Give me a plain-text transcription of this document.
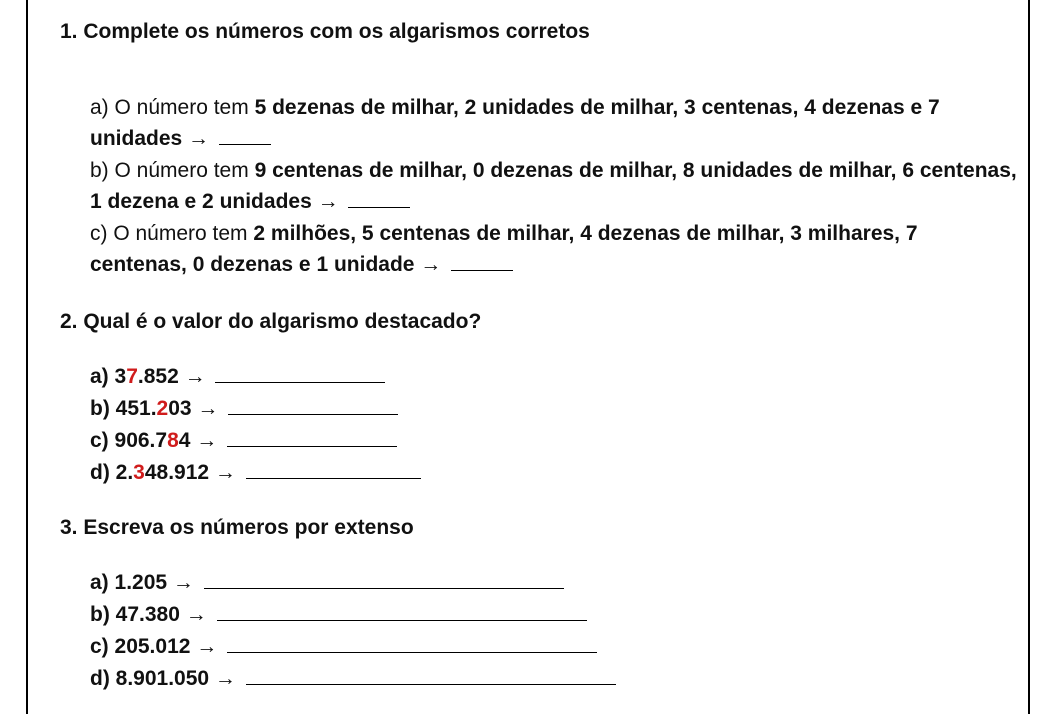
1. Complete os números com os algarismos corretos
a) O número tem 5 dezenas de milhar, 2 unidades de milhar, 3 centenas, 4 dezenas e 7 unidades →
b) O número tem 9 centenas de milhar, 0 dezenas de milhar, 8 unidades de milhar, 6 centenas, 1 dezena e 2 unidades →
c) O número tem 2 milhões, 5 centenas de milhar, 4 dezenas de milhar, 3 milhares, 7 centenas, 0 dezenas e 1 unidade →
2. Qual é o valor do algarismo destacado?
a) 37.852 →
b) 451.203 →
c) 906.784 →
d) 2.348.912 →
3. Escreva os números por extenso
a) 1.205 →
b) 47.380 →
c) 205.012 →
d) 8.901.050 →
